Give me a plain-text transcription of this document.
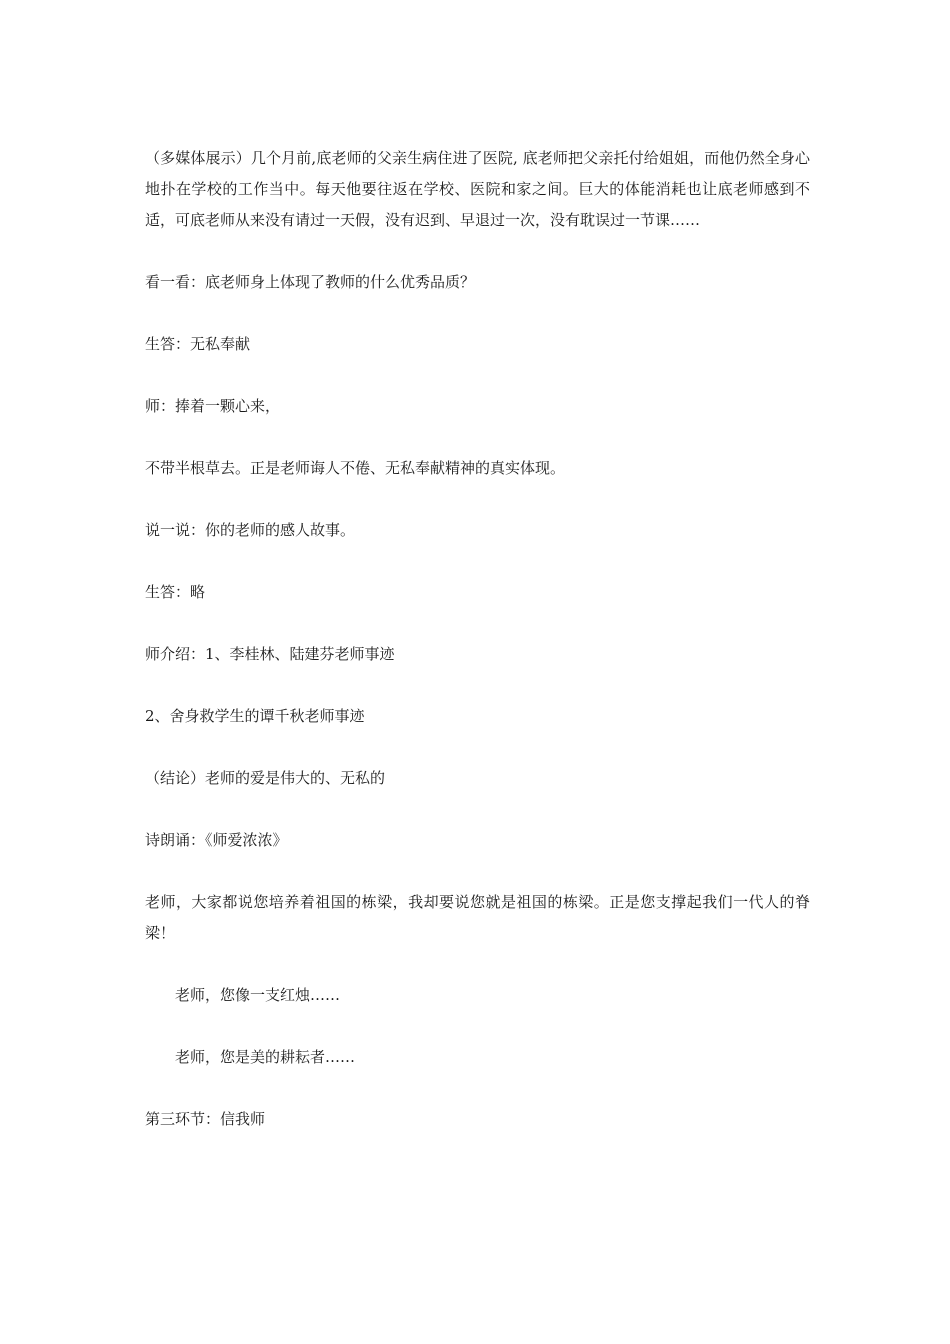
（多媒体展示）几个月前,底老师的父亲生病住进了医院, 底老师把父亲托付给姐姐，而他仍然全身心地扑在学校的工作当中。每天他要往返在学校、医院和家之间。巨大的体能消耗也让底老师感到不适，可底老师从来没有请过一天假，没有迟到、早退过一次，没有耽误过一节课……

看一看：底老师身上体现了教师的什么优秀品质？

生答：无私奉献

师：捧着一颗心来，

不带半根草去。正是老师诲人不倦、无私奉献精神的真实体现。

说一说：你的老师的感人故事。

生答：略

师介绍：1、李桂林、陆建芬老师事迹

2、舍身救学生的谭千秋老师事迹

（结论）老师的爱是伟大的、无私的

诗朗诵：《师爱浓浓》

老师，大家都说您培养着祖国的栋梁，我却要说您就是祖国的栋梁。正是您支撑起我们一代人的脊梁！

老师，您像一支红烛……

老师，您是美的耕耘者……

第三环节：信我师
